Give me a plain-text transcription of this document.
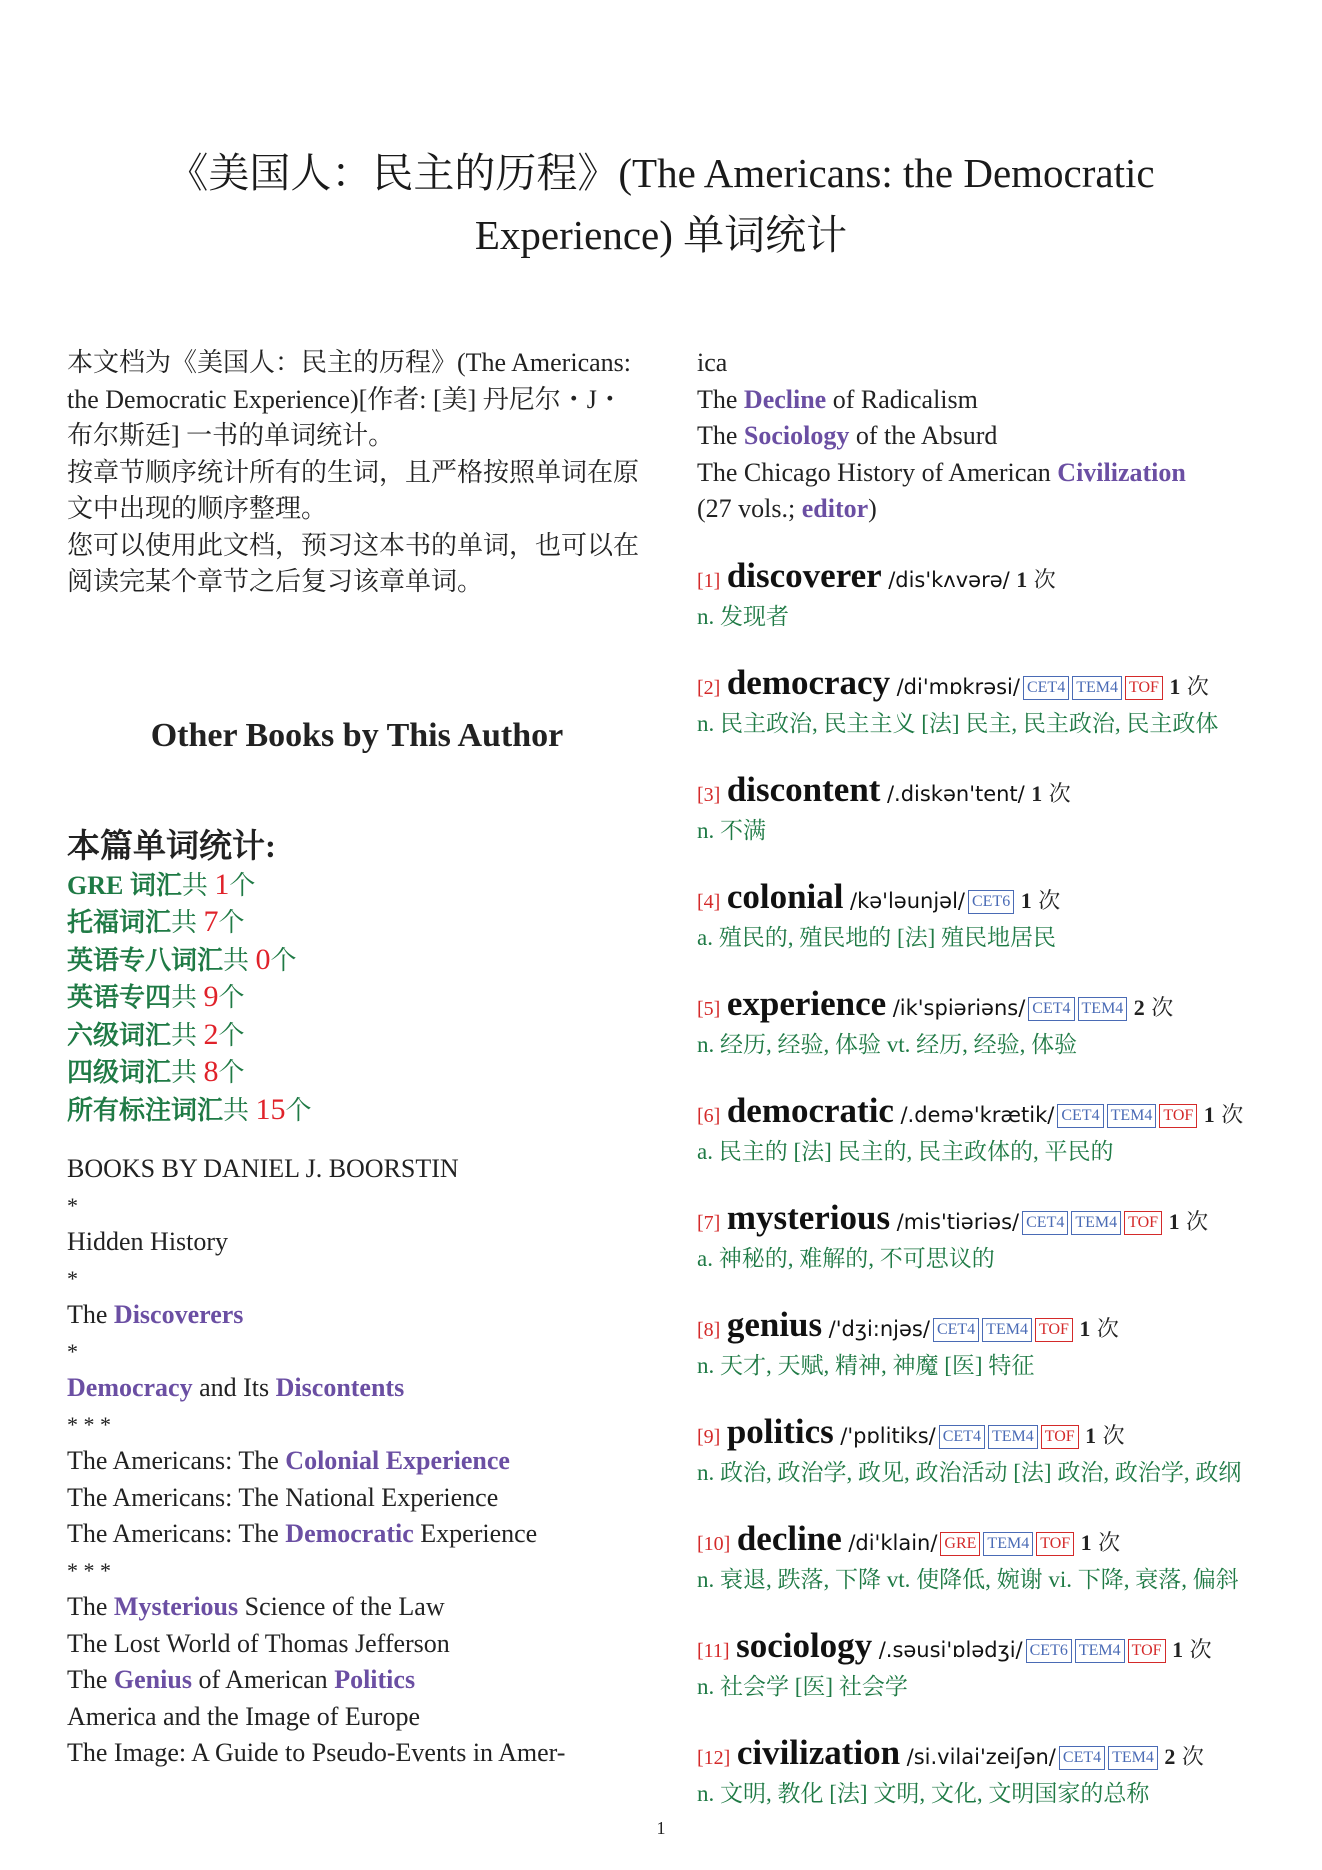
《美国人：民主的历程》(The Americans: the Democratic
Experience) 单词统计

本文档为《美国人：民主的历程》(The Americans: the Democratic Experience)[作者: [美] 丹尼尔・J・布尔斯廷] 一书的单词统计。

按章节顺序统计所有的生词，且严格按照单词在原文中出现的顺序整理。

您可以使用此文档，预习这本书的单词，也可以在阅读完某个章节之后复习该章单词。

Other Books by This Author
本篇单词统计:
GRE 词汇共 1个
托福词汇共 7个
英语专八词汇共 0个
英语专四共 9个
六级词汇共 2个
四级词汇共 8个
所有标注词汇共 15个
BOOKS BY DANIEL J. BOORSTIN
*
Hidden History
*
The Discoverers
*
Democracy and Its Discontents
* * *
The Americans: The Colonial Experience
The Americans: The National Experience
The Americans: The Democratic Experience
* * *
The Mysterious Science of the Law
The Lost World of Thomas Jefferson
The Genius of American Politics
America and the Image of Europe
The Image: A Guide to Pseudo-Events in Amer-
ica
The Decline of Radicalism
The Sociology of the Absurd
The Chicago History of American Civilization
(27 vols.; editor)
[1] discoverer /dis'kʌvərə/ 1 次
n. 发现者
[2] democracy /di'mɒkrəsi/ CET4 TEM4 TOF 1 次
n. 民主政治, 民主主义 [法] 民主, 民主政治, 民主政体
[3] discontent /.diskən'tent/ 1 次
n. 不满
[4] colonial /kə'ləunjəl/ CET6 1 次
a. 殖民的, 殖民地的 [法] 殖民地居民
[5] experience /ik'spiəriəns/ CET4 TEM4 2 次
n. 经历, 经验, 体验 vt. 经历, 经验, 体验
[6] democratic /.demə'krætik/ CET4 TEM4 TOF 1 次
a. 民主的 [法] 民主的, 民主政体的, 平民的
[7] mysterious /mis'tiəriəs/ CET4 TEM4 TOF 1 次
a. 神秘的, 难解的, 不可思议的
[8] genius /'dʒi:njəs/ CET4 TEM4 TOF 1 次
n. 天才, 天赋, 精神, 神魔 [医] 特征
[9] politics /'pɒlitiks/ CET4 TEM4 TOF 1 次
n. 政治, 政治学, 政见, 政治活动 [法] 政治, 政治学, 政纲
[10] decline /di'klain/ GRE TEM4 TOF 1 次
n. 衰退, 跌落, 下降 vt. 使降低, 婉谢 vi. 下降, 衰落, 偏斜
[11] sociology /.səusi'ɒlədʒi/ CET6 TEM4 TOF 1 次
n. 社会学 [医] 社会学
[12] civilization /si.vilai'zeiʃən/ CET4 TEM4 2 次
n. 文明, 教化 [法] 文明, 文化, 文明国家的总称
1
